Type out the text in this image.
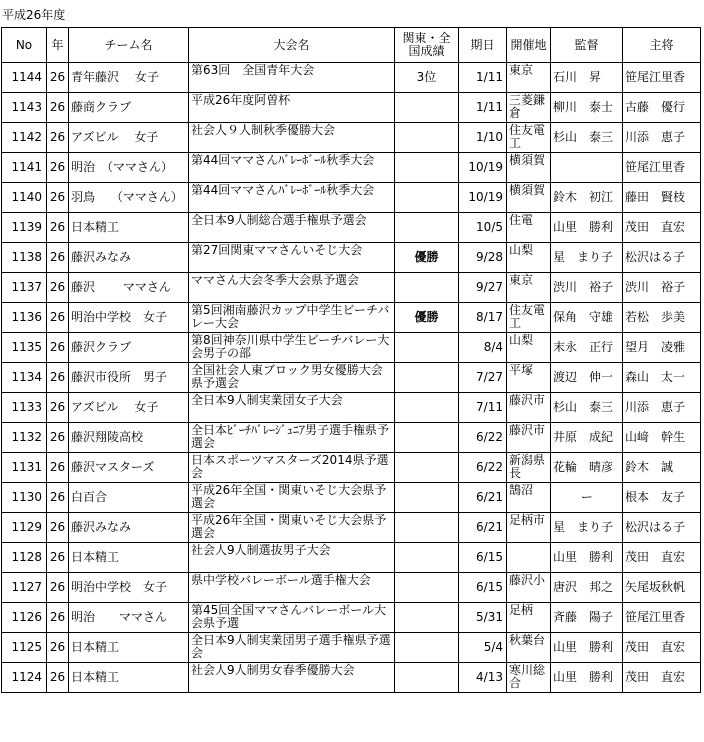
平成26年度
No	年	チーム名	大会名	関東・全国成績	期日	開催地	監督	主将
1144	26	青年藤沢　 女子	第63回　全国青年大会	3位	1/11	東京	石川　昇	笹尾江里香
1143	26	藤商クラブ	平成26年度阿曽杯		1/11	三菱鎌倉	柳川　泰士	古藤　優行
1142	26	アズビル　 女子	社会人９人制秋季優勝大会		1/10	住友電工	杉山　泰三	川添　恵子
1141	26	明治　（ママさん）	第44回ママさんﾊﾞﾚｰﾎﾞｰﾙ秋季大会		10/19	横須賀		笹尾江里香
1140	26	羽鳥　 （ママさん）	第44回ママさんﾊﾞﾚｰﾎﾞｰﾙ秋季大会		10/19	横須賀	鈴木　初江	藤田　賢枝
1139	26	日本精工	全日本9人制総合選手権県予選会		10/5	住電	山里　勝利	茂田　直宏
1138	26	藤沢みなみ	第27回関東ママさんいそじ大会	優勝	9/28	山梨	星　まり子	松沢はる子
1137	26	藤沢　　 ママさん	ママさん大会冬季大会県予選会		9/27	東京	渋川　裕子	渋川　裕子
1136	26	明治中学校　女子	第5回湘南藤沢カップ中学生ビーチバレー大会	優勝	8/17	住友電工	保角　守雄	若松　歩美
1135	26	藤沢クラブ	第8回神奈川県中学生ビーチバレー大会男子の部		8/4	山梨	末永　正行	望月　凌雅
1134	26	藤沢市役所　男子	全国社会人東ブロック男女優勝大会県予選会		7/27	平塚	渡辺　伸一	森山　太一
1133	26	アズビル　 女子	全日本9人制実業団女子大会		7/11	藤沢市	杉山　泰三	川添　恵子
1132	26	藤沢翔陵高校	全日本ﾋﾞｰﾁﾊﾞﾚｰｼﾞｭﾆｱ男子選手権県予選会		6/22	藤沢市	井原　成紀	山﨑　幹生
1131	26	藤沢マスターズ	日本スポーツマスターズ2014県予選会		6/22	新潟県長	花輪　晴彦	鈴木　誠
1130	26	白百合	平成26年全国・関東いそじ大会県予選会		6/21	鵠沼	　　 ー	根本　友子
1129	26	藤沢みなみ	平成26年全国・関東いそじ大会県予選会		6/21	足柄市	星　まり子	松沢はる子
1128	26	日本精工	社会人9人制選抜男子大会		6/15		山里　勝利	茂田　直宏
1127	26	明治中学校　女子	県中学校バレーボール選手権大会		6/15	藤沢小	唐沢　邦之	矢尾坂秋帆
1126	26	明治　　ママさん	第45回全国ママさんバレーボール大会県予選		5/31	足柄	斉藤　陽子	笹尾江里香
1125	26	日本精工	全日本9人制実業団男子選手権県予選会		5/4	秋葉台	山里　勝利	茂田　直宏
1124	26	日本精工	社会人9人制男女春季優勝大会		4/13	寒川総合	山里　勝利	茂田　直宏
